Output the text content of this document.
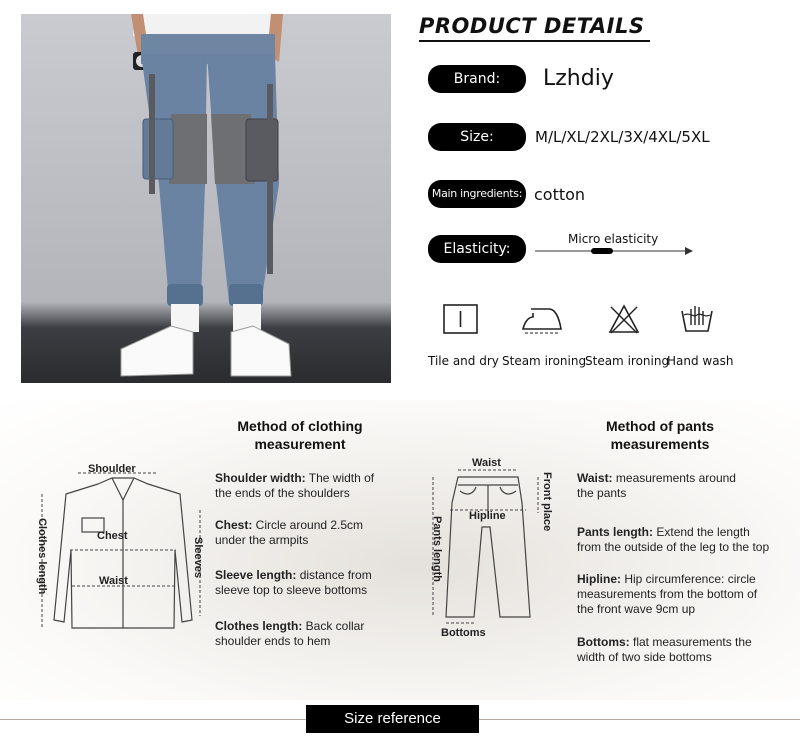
PRODUCT DETAILS
Brand:	Lzhdiy
Size:	M/L/XL/2XL/3X/4XL/5XL
Main ingredients: cotton
Elasticity:
Micro elasticity
Tile and dry Steam ironing
Steam ironing
Hand wash
Shoulder
Chest
Waist
Clothes length	Sleeves
Method of clothing
measurement
Shoulder width: The width of
the ends of the shoulders
Chest: Circle around 2.5cm
under the armpits
Sleeve length: distance from
sleeve top to sleeve bottoms
Clothes length: Back collar
shoulder ends to hem
Waist
Hipline
Pants length
Front place
Bottoms
Method of pants
measurements
Waist: measurements around
the pants
Pants length: Extend the length
from the outside of the leg to the top
Hipline: Hip circumference: circle
measurements from the bottom of
the front wave 9cm up
Bottoms: flat measurements the
width of two side bottoms
Size reference
